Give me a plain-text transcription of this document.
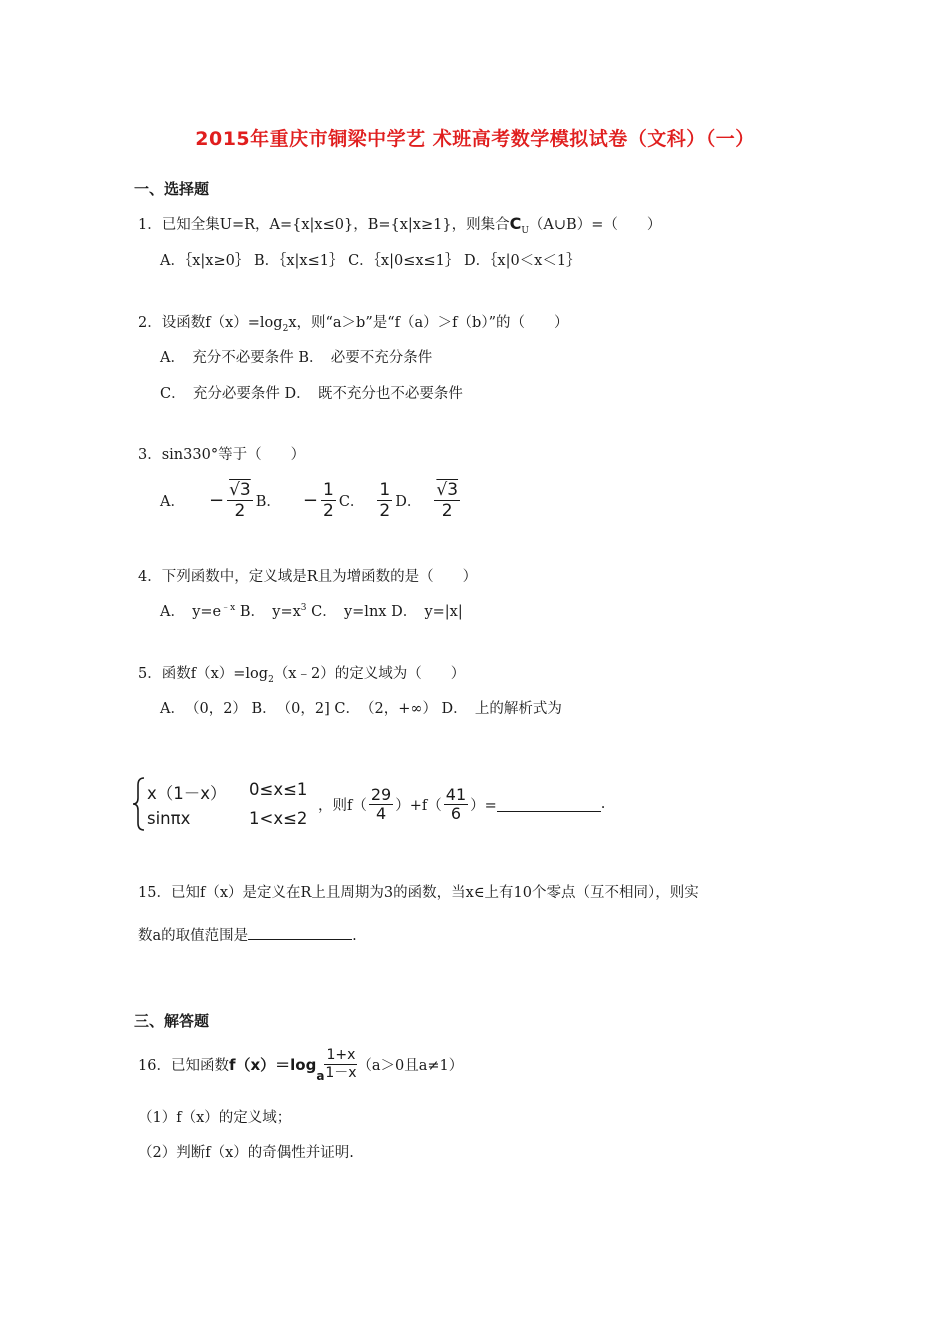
2015年重庆市铜梁中学艺 术班高考数学模拟试卷（文科）（一）
一、选择题
1．已知全集U=R，A={x|x≤0}，B={x|x≥1}，则集合$C_U(A\cup B)=$（　　）
A．｛x|x≥0｝ B．｛x|x≤1｝ C．｛x|0≤x≤1｝ D．｛x|0＜x＜1｝
2．设函数$f(x)=\log_2x$，则“a＞b”是“f（a）＞f（b）”的（　　）
A．　充分不必要条件 B．　必要不充分条件
C．　充分必要条件 D．　既不充分也不必要条件
3．sin330°等于（　　）
A． − $\frac{√3}{2}$ B． − $\frac{1}{2}$ C． $\frac{1}{2}$ D． $\frac{√3}{2}$
4．下列函数中，定义域是R且为增函数的是（　　）
A．　$y=e^{﹣x}$ B．　$y=x^3$ C．　y=lnx D．　y=|x|
5．函数$f(x)=\log_2(x﹣2)$的定义域为（　　）
A．　（0，2） B．　（0，2] C．　（2，+∞） D．　上的解析式为
x（1－x） 0≤x≤1
sinπx	1<x≤2
，则$f( \frac{29}{4} )+f( \frac{41}{6}$ ）=	.
15．已知f（x）是定义在R上且周期为3的函数，当x∈上有10个零点（互不相同），则实
数a的取值范围是	.
三、解答题
16．已知函数 f（x）＝log
a $\frac{1+x}{1-x} (a>0$且a≠1）
（1）f（x）的定义域；
（2）判断f（x）的奇偶性并证明.
